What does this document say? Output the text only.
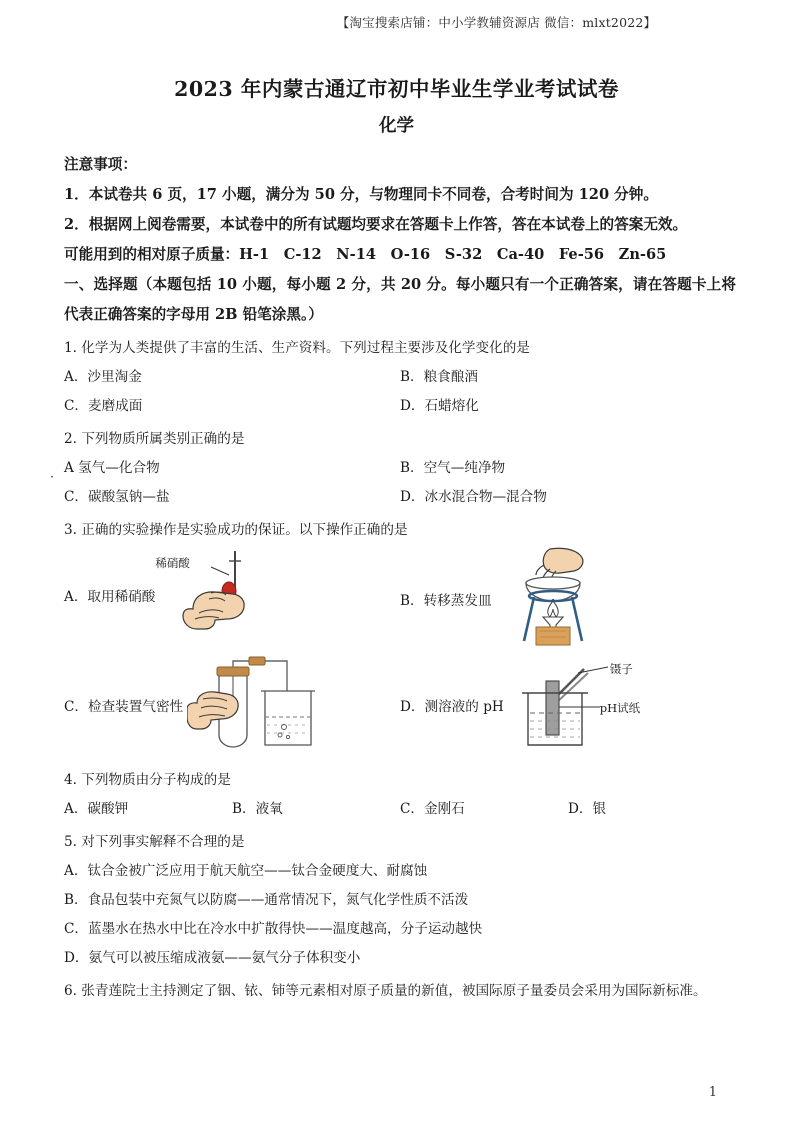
【淘宝搜索店铺：中小学教辅资源店 微信：mlxt2022】
2023 年内蒙古通辽市初中毕业生学业考试试卷
化学
注意事项：
1．本试卷共 6 页，17 小题，满分为 50 分，与物理同卡不同卷，合考时间为 120 分钟。
2．根据网上阅卷需要，本试卷中的所有试题均要求在答题卡上作答，答在本试卷上的答案无效。
可能用到的相对原子质量：H-1　C-12　N-14　O-16　S-32　Ca-40　Fe-56　Zn-65
一、选择题（本题包括 10 小题，每小题 2 分，共 20 分。每小题只有一个正确答案，请在答题卡上将代表正确答案的字母用 2B 铅笔涂黑。）
1. 化学为人类提供了丰富的生活、生产资料。下列过程主要涉及化学变化的是
A．沙里淘金	B．粮食酿酒
C．麦磨成面	D．石蜡熔化
2. 下列物质所属类别正确的是
A 氢气—化合物 ·	B．空气—纯净物
C．碳酸氢钠—盐	D．冰水混合物—混合物
3. 正确的实验操作是实验成功的保证。以下操作正确的是
A． 取用稀硝酸
稀硝酸
B． 转移蒸发皿
C． 检查装置气密性	D． 测溶液的 pH
镊子
pH试纸
4. 下列物质由分子构成的是
A．碳酸钾	B．液氧	C．金刚石	D．银
5. 对下列事实解释不合理的是
A．钛合金被广泛应用于航天航空——钛合金硬度大、耐腐蚀
B．食品包装中充氮气以防腐——通常情况下，氮气化学性质不活泼
C．蓝墨水在热水中比在冷水中扩散得快——温度越高，分子运动越快
D．氨气可以被压缩成液氨——氨气分子体积变小
6. 张青莲院士主持测定了铟、铱、铈等元素相对原子质量的新值，被国际原子量委员会采用为国际新标准。
1
